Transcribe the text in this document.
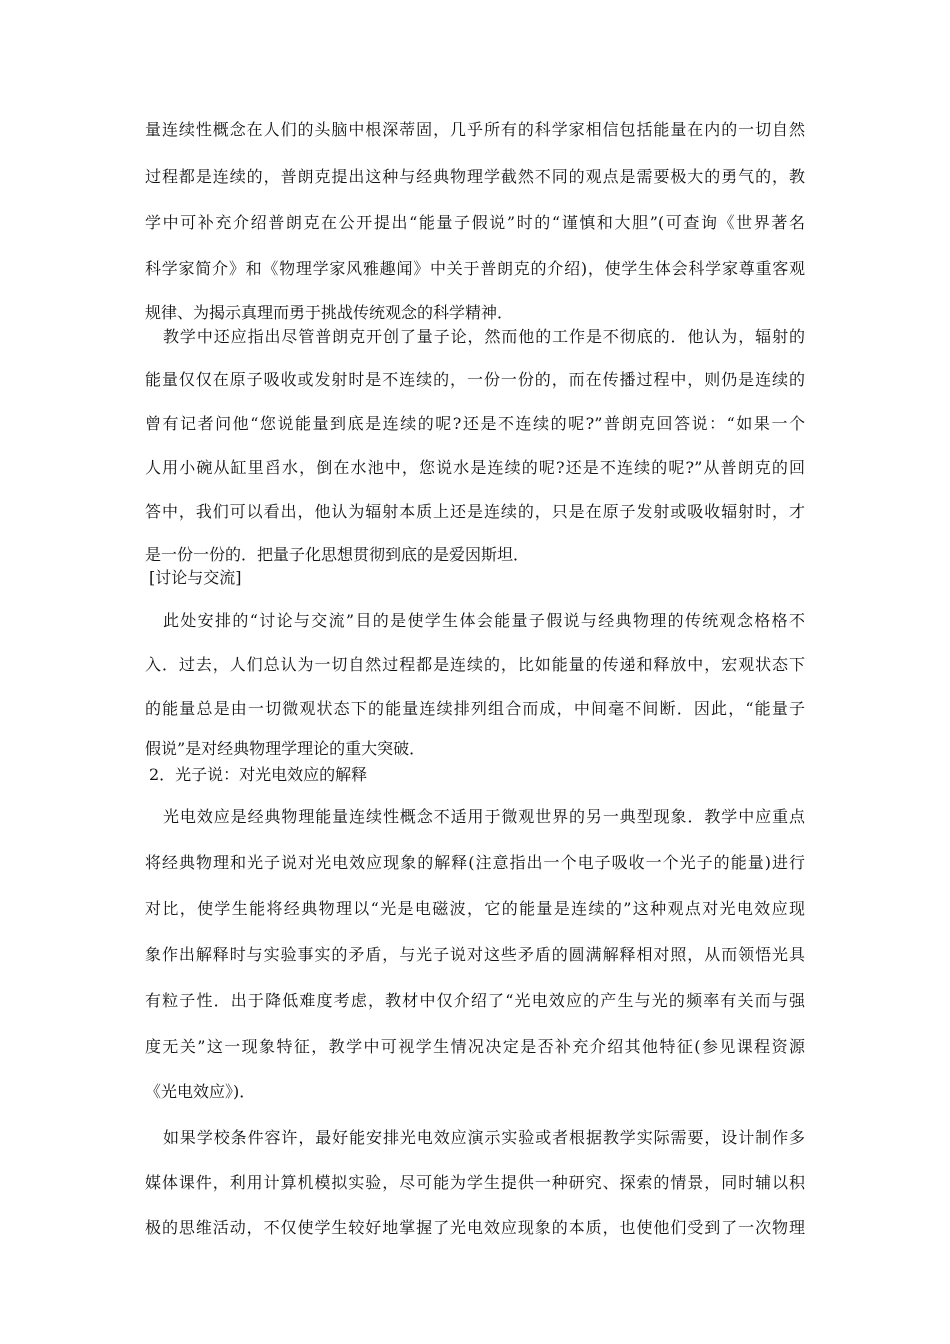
量连续性概念在人们的头脑中根深蒂固，几乎所有的科学家相信包括能量在内的一切自然
过程都是连续的，普朗克提出这种与经典物理学截然不同的观点是需要极大的勇气的，教
学中可补充介绍普朗克在公开提出“能量子假说”时的“谨慎和大胆”(可查询《世界著名
科学家简介》和《物理学家风雅趣闻》中关于普朗克的介绍)，使学生体会科学家尊重客观
规律、为揭示真理而勇于挑战传统观念的科学精神．
教学中还应指出尽管普朗克开创了量子论，然而他的工作是不彻底的．他认为，辐射的
能量仅仅在原子吸收或发射时是不连续的，一份一份的，而在传播过程中，则仍是连续的
曾有记者问他“您说能量到底是连续的呢?还是不连续的呢?”普朗克回答说：“如果一个
人用小碗从缸里舀水，倒在水池中，您说水是连续的呢?还是不连续的呢?”从普朗克的回
答中，我们可以看出，他认为辐射本质上还是连续的，只是在原子发射或吸收辐射时，才
是一份一份的．把量子化思想贯彻到底的是爱因斯坦．
[讨论与交流]
此处安排的“讨论与交流”目的是使学生体会能量子假说与经典物理的传统观念格格不
入．过去，人们总认为一切自然过程都是连续的，比如能量的传递和释放中，宏观状态下
的能量总是由一切微观状态下的能量连续排列组合而成，中间毫不间断．因此，“能量子
假说”是对经典物理学理论的重大突破．
2．光子说：对光电效应的解释
光电效应是经典物理能量连续性概念不适用于微观世界的另一典型现象．教学中应重点
将经典物理和光子说对光电效应现象的解释(注意指出一个电子吸收一个光子的能量)进行
对比，使学生能将经典物理以“光是电磁波，它的能量是连续的”这种观点对光电效应现
象作出解释时与实验事实的矛盾，与光子说对这些矛盾的圆满解释相对照，从而领悟光具
有粒子性．出于降低难度考虑，教材中仅介绍了“光电效应的产生与光的频率有关而与强
度无关”这一现象特征，教学中可视学生情况决定是否补充介绍其他特征(参见课程资源
《光电效应》)．
如果学校条件容许，最好能安排光电效应演示实验或者根据教学实际需要，设计制作多
媒体课件，利用计算机模拟实验，尽可能为学生提供一种研究、探索的情景，同时辅以积
极的思维活动，不仅使学生较好地掌握了光电效应现象的本质，也使他们受到了一次物理
